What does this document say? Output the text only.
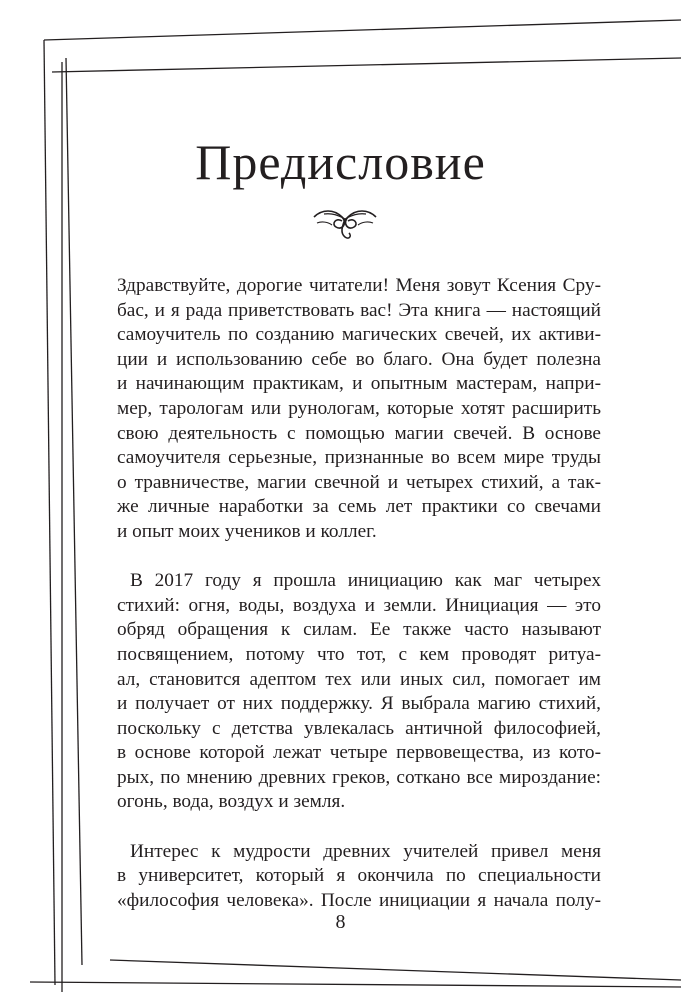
Предисловие

Здравствуйте, дорогие читатели! Меня зовут Ксения Сру-
бас, и я рада приветствовать вас! Эта книга — настоящий
самоучитель по созданию магических свечей, их активи-
ции и использованию себе во благо. Она будет полезна
и начинающим практикам, и опытным мастерам, напри-
мер, тарологам или рунологам, которые хотят расширить
свою деятельность с помощью магии свечей. В основе
самоучителя серьезные, признанные во всем мире труды
о травничестве, магии свечной и четырех стихий, а так-
же личные наработки за семь лет практики со свечами
и опыт моих учеников и коллег.

В 2017 году я прошла инициацию как маг четырех
стихий: огня, воды, воздуха и земли. Инициация — это
обряд обращения к силам. Ее также часто называют
посвящением, потому что тот, с кем проводят ритуа-
ал, становится адептом тех или иных сил, помогает им
и получает от них поддержку. Я выбрала магию стихий,
поскольку с детства увлекалась античной философией,
в основе которой лежат четыре первовещества, из кото-
рых, по мнению древних греков, соткано все мироздание:
огонь, вода, воздух и земля.

Интерес к мудрости древних учителей привел меня
в университет, который я окончила по специальности
«философия человека». После инициации я начала полу-

8
